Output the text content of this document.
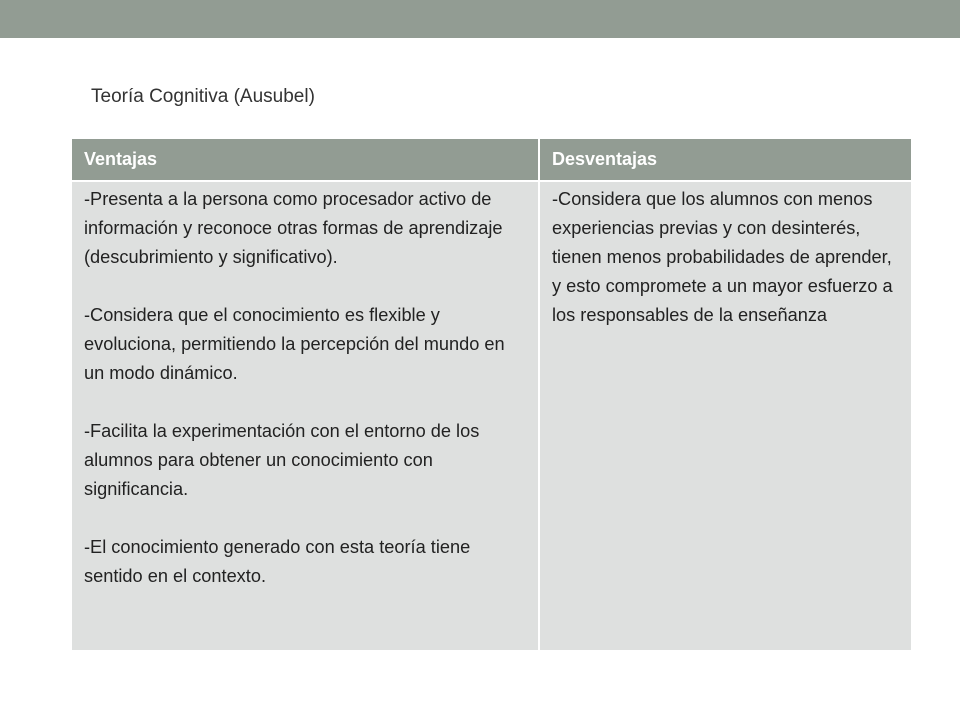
Teoría Cognitiva (Ausubel)
Ventajas	Desventajas

-Presenta a la persona como procesador activo de información y reconoce otras formas de aprendizaje (descubrimiento y significativo).

-Considera que el conocimiento es flexible y evoluciona, permitiendo la percepción del mundo en un modo dinámico.

-Facilita la experimentación con el entorno de los alumnos para obtener un conocimiento con significancia.

-El conocimiento generado con esta teoría tiene sentido en el contexto.

-Considera que los alumnos con menos experiencias previas y con desinterés, tienen menos probabilidades de aprender, y esto compromete a un mayor esfuerzo a los responsables de la enseñanza
